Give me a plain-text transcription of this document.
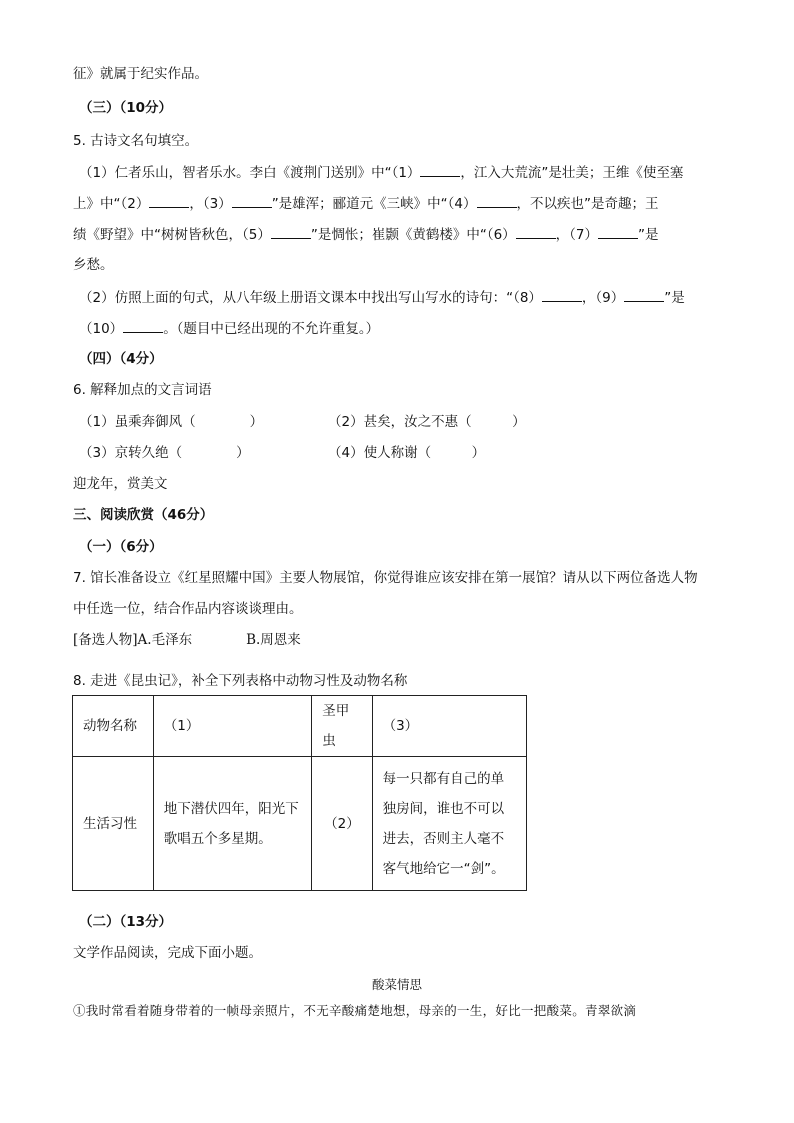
征》就属于纪实作品。
（三）（10分）
5. 古诗文名句填空。
（1）仁者乐山，智者乐水。李白《渡荆门送别》中“（1）	，江入大荒流”是壮美；王维《使至塞
上》中“（2）	，（3）	”是雄浑；郦道元《三峡》中“（4）	，不以疾也”是奇趣；王
绩《野望》中“树树皆秋色，（5）	”是惆怅；崔颢《黄鹤楼》中“（6）	，（7）	”是
乡愁。
（2）仿照上面的句式，从八年级上册语文课本中找出写山写水的诗句：“（8）	，（9）	”是
（10）	。（题目中已经出现的不允许重复。）
（四）（4分）
6. 解释加点的文言词语
（1）虽乘奔御风（　　　　）	（2）甚矣，汝之不惠（　　　）
（3）京转久绝（　　　　）	（4）使人称谢（　　　）
迎龙年，赏美文
三、阅读欣赏（46分）
（一）（6分）
7. 馆长准备设立《红星照耀中国》主要人物展馆，你觉得谁应该安排在第一展馆？请从以下两位备选人物
中任选一位，结合作品内容谈谈理由。
[备选人物]A.毛泽东　　　　B.周恩来
8. 走进《昆虫记》，补全下列表格中动物习性及动物名称
动物名称	（1）	圣甲虫	（3）
生活习性	地下潜伏四年，阳光下歌唱五个多星期。	（2）	每一只都有自己的单独房间，谁也不可以进去，否则主人毫不客气地给它一“剑”。
（二）（13分）
文学作品阅读，完成下面小题。
酸菜情思
①我时常看着随身带着的一帧母亲照片，不无辛酸痛楚地想，母亲的一生，好比一把酸菜。青翠欲滴
